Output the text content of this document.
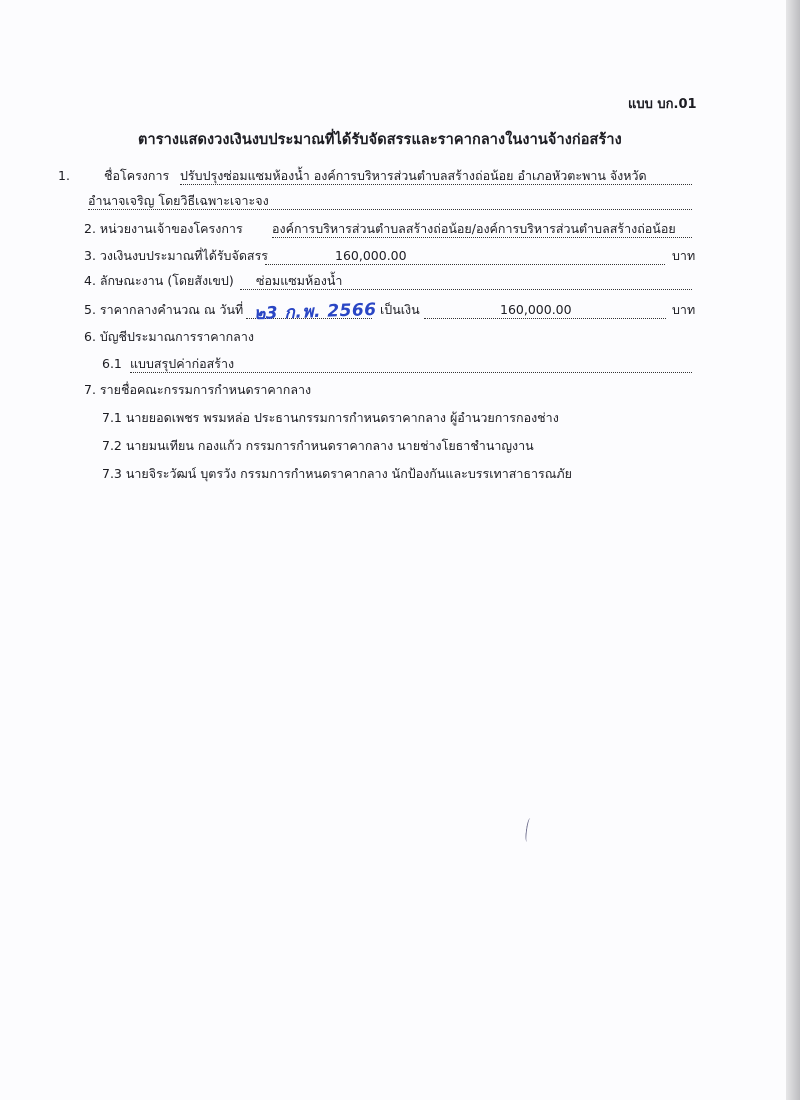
แบบ บก.01
ตารางแสดงวงเงินงบประมาณที่ได้รับจัดสรรและราคากลางในงานจ้างก่อสร้าง
1.	ชื่อโครงการ ปรับปรุงซ่อมแซมห้องน้ำ องค์การบริหารส่วนตำบลสร้างถ่อน้อย อำเภอหัวตะพาน จังหวัด
อำนาจเจริญ โดยวิธีเฉพาะเจาะจง
2. หน่วยงานเจ้าของโครงการ องค์การบริหารส่วนตำบลสร้างถ่อน้อย/องค์การบริหารส่วนตำบลสร้างถ่อน้อย
3. วงเงินงบประมาณที่ได้รับจัดสรร	160,000.00	บาท
4. ลักษณะงาน (โดยสังเขป)	ซ่อมแซมห้องน้ำ
5. ราคากลางคำนวณ ณ วันที่
๒3 ก.พ. 2566 เป็นเงิน	160,000.00	บาท
6. บัญชีประมาณการราคากลาง
6.1 แบบสรุปค่าก่อสร้าง
7. รายชื่อคณะกรรมการกำหนดราคากลาง
7.1 นายยอดเพชร พรมหล่อ ประธานกรรมการกำหนดราคากลาง ผู้อำนวยการกองช่าง
7.2 นายมนเทียน กองแก้ว กรรมการกำหนดราคากลาง นายช่างโยธาชำนาญงาน
7.3 นายจิระวัฒน์ บุตรวัง กรรมการกำหนดราคากลาง นักป้องกันและบรรเทาสาธารณภัย
